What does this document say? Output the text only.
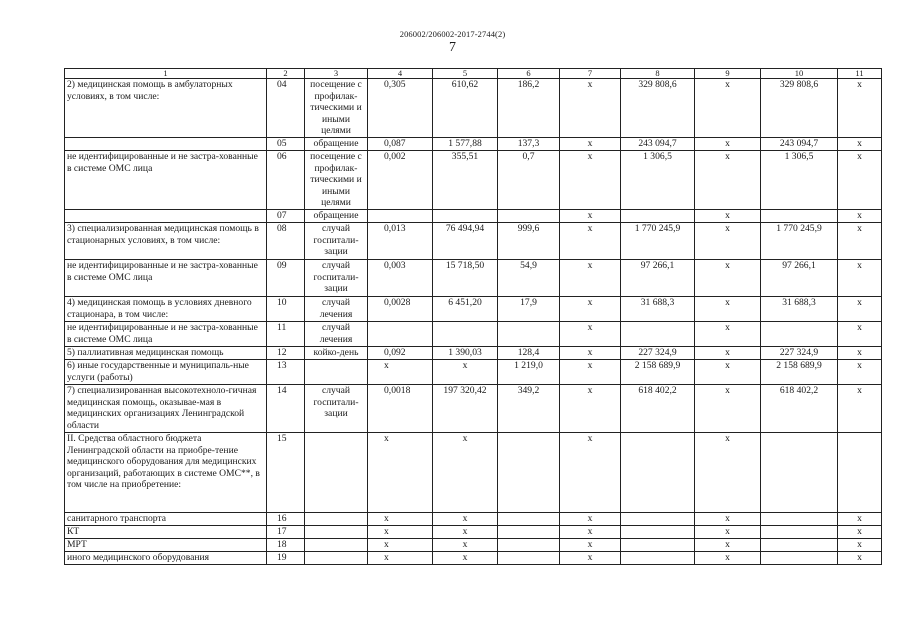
206002/206002-2017-2744(2)
7
1	2	3	4	5	6	7	8	9	10	11
2) медицинская помощь в амбулаторных условиях, в том числе:	04	посещение с профилак-тическими и иными целями	0,305	610,62	186,2	x	329 808,6	x	329 808,6	x
	05	обращение	0,087	1 577,88	137,3	x	243 094,7	x	243 094,7	x
не идентифицированные и не застра-хованные в системе ОМС лица	06	посещение с профилак-тическими и иными целями	0,002	355,51	0,7	x	1 306,5	x	1 306,5	x
	07	обращение				x		x		x
3) специализированная медицинская помощь в стационарных условиях, в том числе:	08	случай госпитали-зации	0,013	76 494,94	999,6	x	1 770 245,9	x	1 770 245,9	x
не идентифицированные и не застра-хованные в системе ОМС лица	09	случай госпитали-зации	0,003	15 718,50	54,9	x	97 266,1	x	97 266,1	x
4) медицинская помощь в условиях дневного стационара, в том числе:	10	случай лечения	0,0028	6 451,20	17,9	x	31 688,3	x	31 688,3	x
не идентифицированные и не застра-хованные в системе ОМС лица	11	случай лечения				x		x		x
5) паллиативная медицинская помощь	12	койко-день	0,092	1 390,03	128,4	x	227 324,9	x	227 324,9	x
6) иные государственные и муниципаль-ные услуги (работы)	13		x	x	1 219,0	x	2 158 689,9	x	2 158 689,9	x
7) специализированная высокотехноло-гичная медицинская помощь, оказывае-мая в медицинских организациях Ленинградской области	14	случай госпитали-зации	0,0018	197 320,42	349,2	x	618 402,2	x	618 402,2	x
II. Средства областного бюджета Ленинградской области на приобре-тение медицинского оборудования для медицинских организаций, работающих в системе ОМС**, в том числе на приобретение:	15		x	x		x		x		
санитарного транспорта	16		x	x		x		x		x
КТ	17		x	x		x		x		x
МРТ	18		x	x		x		x		x
иного медицинского оборудования	19		x	x		x		x		x
